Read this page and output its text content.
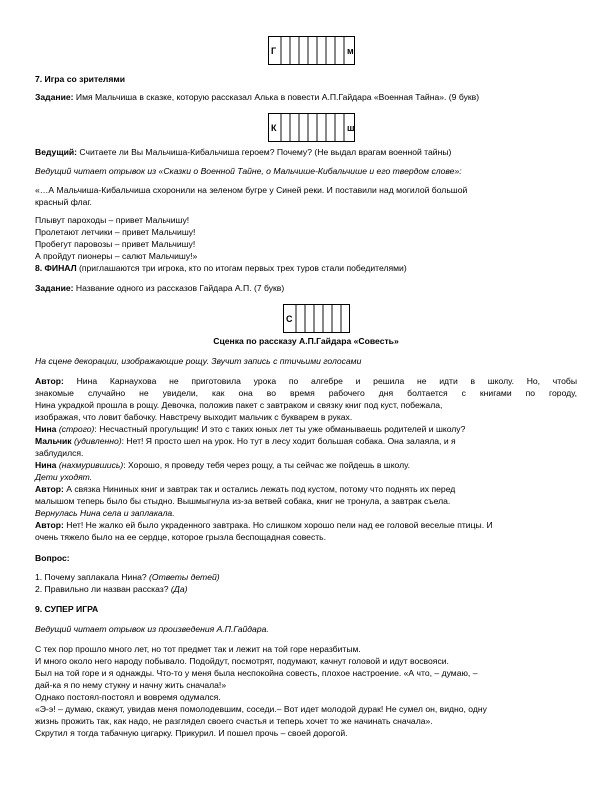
Г	м
7. Игра со зрителями
Задание: Имя Мальчиша в сказке, которую рассказал Алька в повести А.П.Гайдара «Военная Тайна». (9 букв)
К	ш
Ведущий: Считаете ли Вы Мальчиша-Кибальчиша героем? Почему? (Не выдал врагам военной тайны)
Ведущий читает отрывок из «Сказки о Военной Тайне, о Мальчише-Кибальчише и его твердом слове»:
«…А Мальчиша-Кибальчиша схоронили на зеленом бугре у Синей реки. И поставили над могилой большой
красный флаг.
Плывут пароходы – привет Мальчишу!
Пролетают летчики – привет Мальчишу!
Пробегут паровозы – привет Мальчишу!
А пройдут пионеры – салют Мальчишу!»
8. ФИНАЛ (приглашаются три игрока, кто по итогам первых трех туров стали победителями)
Задание: Название одного из рассказов Гайдара А.П. (7 букв)
С
Сценка по рассказу А.П.Гайдара «Совесть»
На сцене декорации, изображающие рощу. Звучит запись с птичьими голосами
Автор: Нина Карнаухова не приготовила урока по алгебре и решила не идти в школу. Но, чтобы
знакомые случайно не увидели, как она во время рабочего дня болтается с книгами по городу,
Нина украдкой прошла в рощу. Девочка, положив пакет с завтраком и связку книг под куст, побежала,
изображая, что ловит бабочку. Навстречу выходит мальчик с букварем в руках.
Нина (строго): Несчастный прогульщик! И это с таких юных лет ты уже обманываешь родителей и школу?
Мальчик (удивленно): Нет! Я просто шел на урок. Но тут в лесу ходит большая собака. Она залаяла, и я
заблудился.
Нина (нахмурившись): Хорошо, я проведу тебя через рощу, а ты сейчас же пойдешь в школу.
Дети уходят.
Автор: А связка Нининых книг и завтрак так и остались лежать под кустом, потому что поднять их перед
малышом теперь было бы стыдно. Вышмыгнула из-за ветвей собака, книг не тронула, а завтрак съела.
Вернулась Нина села и заплакала.
Автор: Нет! Не жалко ей было украденного завтрака. Но слишком хорошо пели над ее головой веселые птицы. И
очень тяжело было на ее сердце, которое грызла беспощадная совесть.
Вопрос:
1. Почему заплакала Нина? (Ответы детей)
2. Правильно ли назван рассказ? (Да)
9. СУПЕР ИГРА
Ведущий читает отрывок из произведения А.П.Гайдара.
С тех пор прошло много лет, но тот предмет так и лежит на той горе неразбитым.
И много около него народу побывало. Подойдут, посмотрят, подумают, качнут головой и идут восвояси.
Был на той горе и я однажды. Что-то у меня была неспокойна совесть, плохое настроение. «А что, – думаю, –
дай-ка я по нему стукну и начну жить сначала!»
Однако постоял-постоял и вовремя одумался.
«Э-э! – думаю, скажут, увидав меня помолодевшим, соседи.– Вот идет молодой дурак! Не сумел он, видно, одну
жизнь прожить так, как надо, не разглядел своего счастья и теперь хочет то же начинать сначала».
Скрутил я тогда табачную цигарку. Прикурил. И пошел прочь – своей дорогой.
